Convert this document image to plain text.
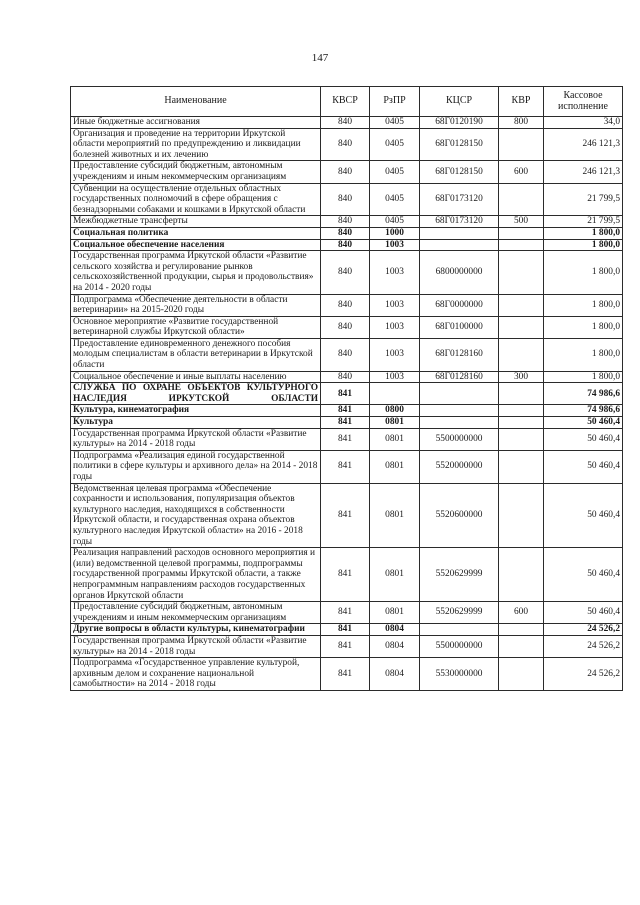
147
Наименование	КВСР	РзПР	КЦСР	КВР	Кассовое исполнение
Иные бюджетные ассигнования	840	0405	68Г0120190	800	34,0
Организация и проведение на территории Иркутской области мероприятий по предупреждению и ликвидации болезней животных и их лечению	840	0405	68Г0128150		246 121,3
Предоставление субсидий бюджетным, автономным учреждениям и иным некоммерческим организациям	840	0405	68Г0128150	600	246 121,3
Субвенции на осуществление отдельных областных государственных полномочий в сфере обращения с безнадзорными собаками и кошками в Иркутской области	840	0405	68Г0173120		21 799,5
Межбюджетные трансферты	840	0405	68Г0173120	500	21 799,5
Социальная политика	840	1000			1 800,0
Социальное обеспечение населения	840	1003			1 800,0
Государственная программа Иркутской области «Развитие сельского хозяйства и регулирование рынков сельскохозяйственной продукции, сырья и продовольствия» на 2014 - 2020 годы	840	1003	6800000000		1 800,0
Подпрограмма «Обеспечение деятельности в области ветеринарии» на 2015-2020 годы	840	1003	68Г0000000		1 800,0
Основное мероприятие «Развитие государственной ветеринарной службы Иркутской области»	840	1003	68Г0100000		1 800,0
Предоставление единовременного денежного пособия молодым специалистам в области ветеринарии в Иркутской области	840	1003	68Г0128160		1 800,0
Социальное обеспечение и иные выплаты населению	840	1003	68Г0128160	300	1 800,0
СЛУЖБА ПО ОХРАНЕ ОБЪЕКТОВ КУЛЬТУРНОГО НАСЛЕДИЯ ИРКУТСКОЙ ОБЛАСТИ	841				74 986,6
Культура, кинематография	841	0800			74 986,6
Культура	841	0801			50 460,4
Государственная программа Иркутской области «Развитие культуры» на 2014 - 2018 годы	841	0801	5500000000		50 460,4
Подпрограмма «Реализация единой государственной политики в сфере культуры и архивного дела» на 2014 - 2018 годы	841	0801	5520000000		50 460,4
Ведомственная целевая программа «Обеспечение сохранности и использования, популяризация объектов культурного наследия, находящихся в собственности Иркутской области, и государственная охрана объектов культурного наследия Иркутской области» на 2016 - 2018 годы	841	0801	5520600000		50 460,4
Реализация направлений расходов основного мероприятия и (или) ведомственной целевой программы, подпрограммы государственной программы Иркутской области, а также непрограммным направлениям расходов государственных органов Иркутской области	841	0801	5520629999		50 460,4
Предоставление субсидий бюджетным, автономным учреждениям и иным некоммерческим организациям	841	0801	5520629999	600	50 460,4
Другие вопросы в области культуры, кинематографии	841	0804			24 526,2
Государственная программа Иркутской области «Развитие культуры» на 2014 - 2018 годы	841	0804	5500000000		24 526,2
Подпрограмма «Государственное управление культурой, архивным делом и сохранение национальной самобытности» на 2014 - 2018 годы	841	0804	5530000000		24 526,2
